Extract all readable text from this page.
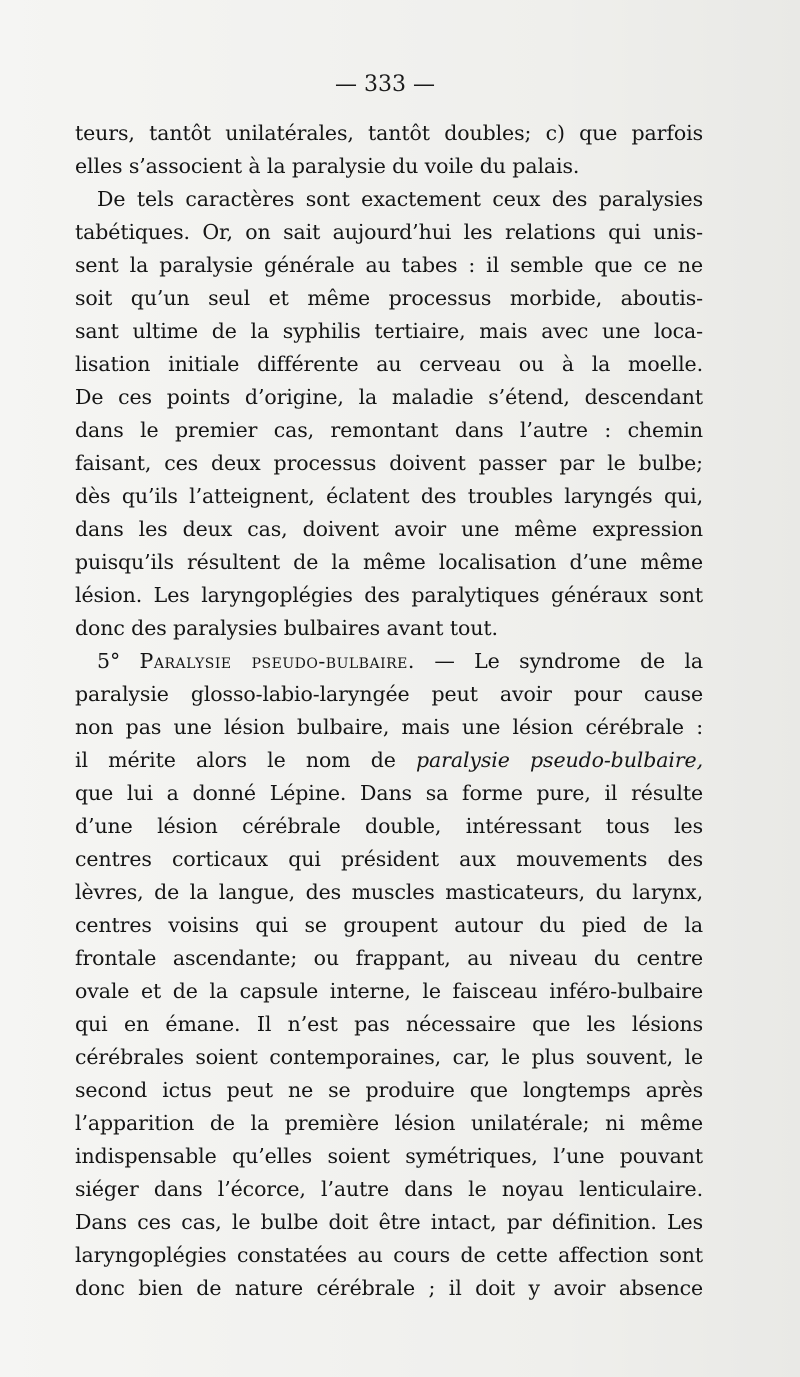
— 333 —
teurs, tantôt unilatérales, tantôt doubles; c) que parfois
elles s’associent à la paralysie du voile du palais.
De tels caractères sont exactement ceux des paralysies
tabétiques. Or, on sait aujourd’hui les relations qui unis-
sent la paralysie générale au tabes : il semble que ce ne
soit qu’un seul et même processus morbide, aboutis-
sant ultime de la syphilis tertiaire, mais avec une loca-
lisation initiale différente au cerveau ou à la moelle.
De ces points d’origine, la maladie s’étend, descendant
dans le premier cas, remontant dans l’autre : chemin
faisant, ces deux processus doivent passer par le bulbe;
dès qu’ils l’atteignent, éclatent des troubles laryngés qui,
dans les deux cas, doivent avoir une même expression
puisqu’ils résultent de la même localisation d’une même
lésion. Les laryngoplégies des paralytiques généraux sont
donc des paralysies bulbaires avant tout.
5° Paralysie pseudo-bulbaire. — Le syndrome de la
paralysie glosso-labio-laryngée peut avoir pour cause
non pas une lésion bulbaire, mais une lésion cérébrale :
il mérite alors le nom de paralysie pseudo-bulbaire,
que lui a donné Lépine. Dans sa forme pure, il résulte
d’une lésion cérébrale double, intéressant tous les
centres corticaux qui président aux mouvements des
lèvres, de la langue, des muscles masticateurs, du larynx,
centres voisins qui se groupent autour du pied de la
frontale ascendante; ou frappant, au niveau du centre
ovale et de la capsule interne, le faisceau inféro-bulbaire
qui en émane. Il n’est pas nécessaire que les lésions
cérébrales soient contemporaines, car, le plus souvent, le
second ictus peut ne se produire que longtemps après
l’apparition de la première lésion unilatérale; ni même
indispensable qu’elles soient symétriques, l’une pouvant
siéger dans l’écorce, l’autre dans le noyau lenticulaire.
Dans ces cas, le bulbe doit être intact, par définition. Les
laryngoplégies constatées au cours de cette affection sont
donc bien de nature cérébrale ; il doit y avoir absence
